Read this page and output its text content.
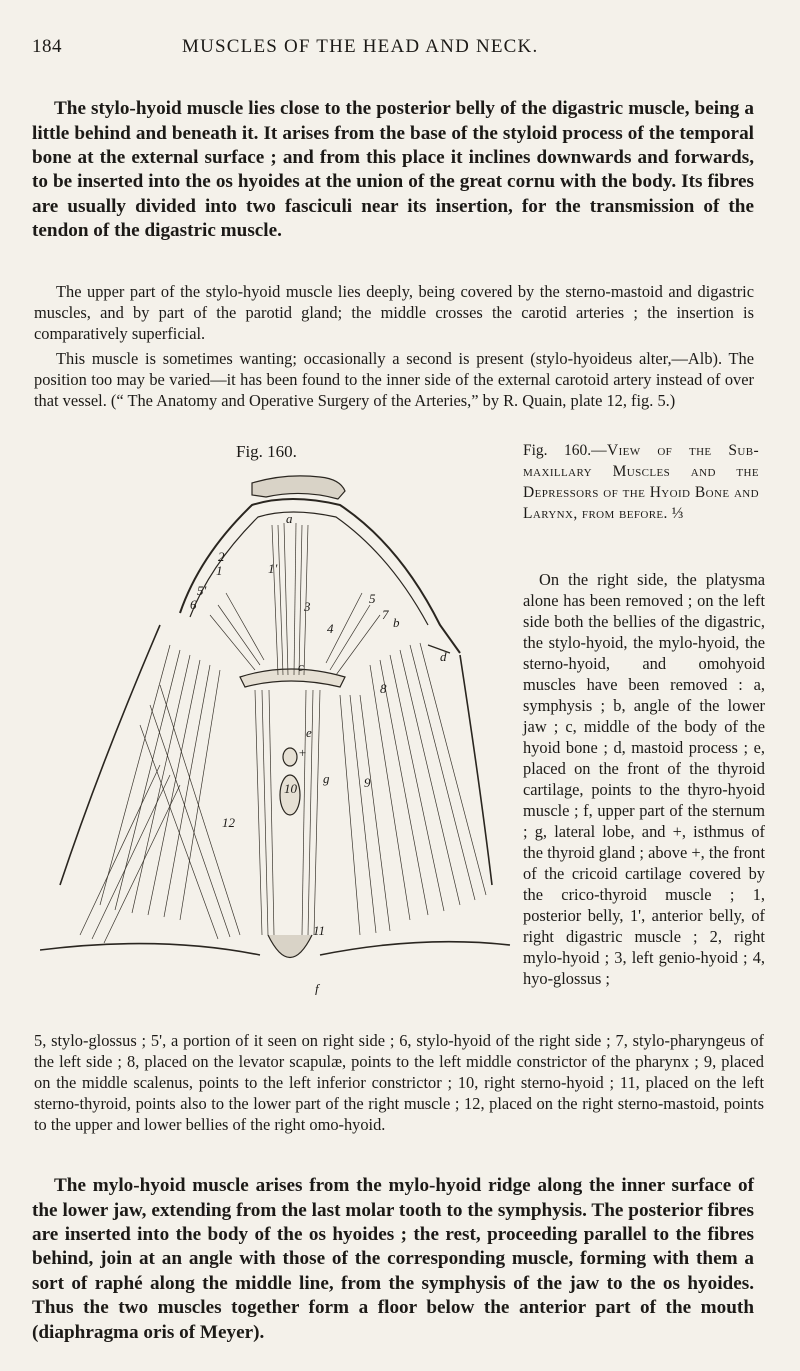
184	MUSCLES OF THE HEAD AND NECK.

The stylo-hyoid muscle lies close to the posterior belly of the digastric muscle, being a little behind and beneath it. It arises from the base of the styloid process of the temporal bone at the external surface ; and from this place it inclines downwards and forwards, to be inserted into the os hyoides at the union of the great cornu with the body. Its fibres are usually divided into two fasciculi near its insertion, for the transmission of the tendon of the digastric muscle.

The upper part of the stylo-hyoid muscle lies deeply, being covered by the sterno-mastoid and digastric muscles, and by part of the parotid gland; the middle crosses the carotid arteries ; the insertion is comparatively superficial.

This muscle is sometimes wanting; occasionally a second is present (stylo-hyoideus alter,—Alb). The position too may be varied—it has been found to the inner side of the external carotoid artery instead of over that vessel. (“ The Anatomy and Operative Surgery of the Arteries,” by R. Quain, plate 12, fig. 5.)

Fig. 160.
a
b
c
d
e
f
g
1	1'
2
3
4
5
5'
6
7
8
9
10
11
12
+
Fig. 160.—View of the Sub-maxillary Muscles and the Depressors of the Hyoid Bone and Larynx, from before. ⅓

On the right side, the platysma alone has been removed ; on the left side both the bellies of the digastric, the stylo-hyoid, the mylo-hyoid, the sterno-hyoid, and omohyoid muscles have been removed : a, symphysis ; b, angle of the lower jaw ; c, middle of the body of the hyoid bone ; d, mastoid process ; e, placed on the front of the thyroid cartilage, points to the thyro-hyoid muscle ; f, upper part of the sternum ; g, lateral lobe, and +, isthmus of the thyroid gland ; above +, the front of the cricoid cartilage covered by the crico-thyroid muscle ; 1, posterior belly, 1', anterior belly, of right digastric muscle ; 2, right mylo-hyoid ; 3, left genio-hyoid ; 4, hyo-glossus ;

5, stylo-glossus ; 5', a portion of it seen on right side ; 6, stylo-hyoid of the right side ; 7, stylo-pharyngeus of the left side ; 8, placed on the levator scapulæ, points to the left middle constrictor of the pharynx ; 9, placed on the middle scalenus, points to the left inferior constrictor ; 10, right sterno-hyoid ; 11, placed on the left sterno-thyroid, points also to the lower part of the right muscle ; 12, placed on the right sterno-mastoid, points to the upper and lower bellies of the right omo-hyoid.

The mylo-hyoid muscle arises from the mylo-hyoid ridge along the inner surface of the lower jaw, extending from the last molar tooth to the symphysis. The posterior fibres are inserted into the body of the os hyoides ; the rest, proceeding parallel to the fibres behind, join at an angle with those of the corresponding muscle, forming with them a sort of raphé along the middle line, from the symphysis of the jaw to the os hyoides. Thus the two muscles together form a floor below the anterior part of the mouth (diaphragma oris of Meyer).
